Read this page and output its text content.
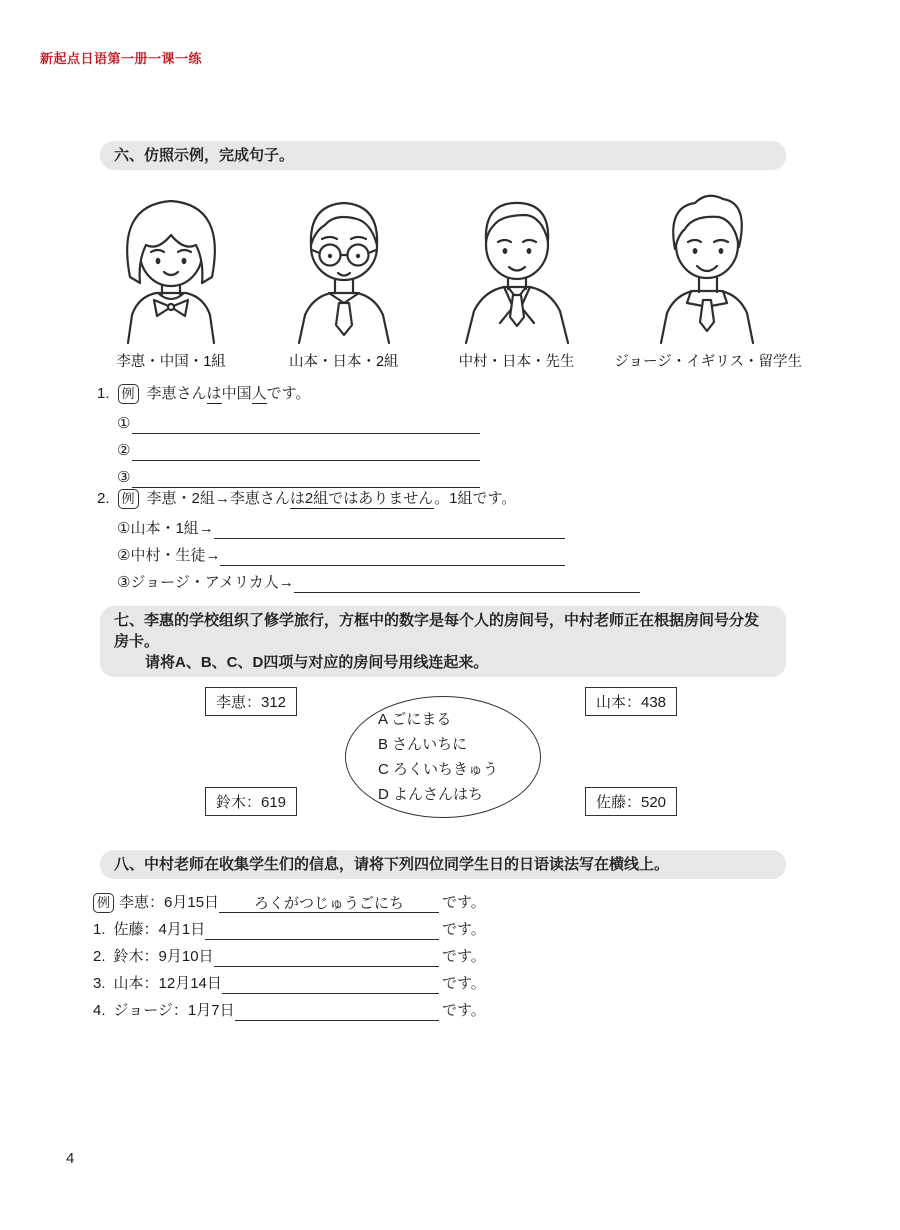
新起点日语第一册一课一练
六、仿照示例，完成句子。
李恵・中国・1組	山本・日本・2組	中村・日本・先生	ジョージ・イギリス・留学生
1. 例 李恵さんは中国人です。
①
②
③
2. 例 李恵・2組→李恵さんは2組ではありません。1組です。
①山本・1組→
②中村・生徒→
③ジョージ・アメリカ人→
七、李惠的学校组织了修学旅行，方框中的数字是每个人的房间号，中村老师正在根据房间号分发房卡。
请将A、B、C、D四项与对应的房间号用线连起来。
李恵：312	山本：438
鈴木：619	佐藤：520
A ごにまる
B さんいちに
C ろくいちきゅう
D よんさんはち
八、中村老师在收集学生们的信息，请将下列四位同学生日的日语读法写在横线上。
例 李恵：6月15日	ろくがつじゅうごにち	です。
1. 佐藤：4月1日	です。
2. 鈴木：9月10日	です。
3. 山本：12月14日	です。
4. ジョージ：1月7日	です。
4
